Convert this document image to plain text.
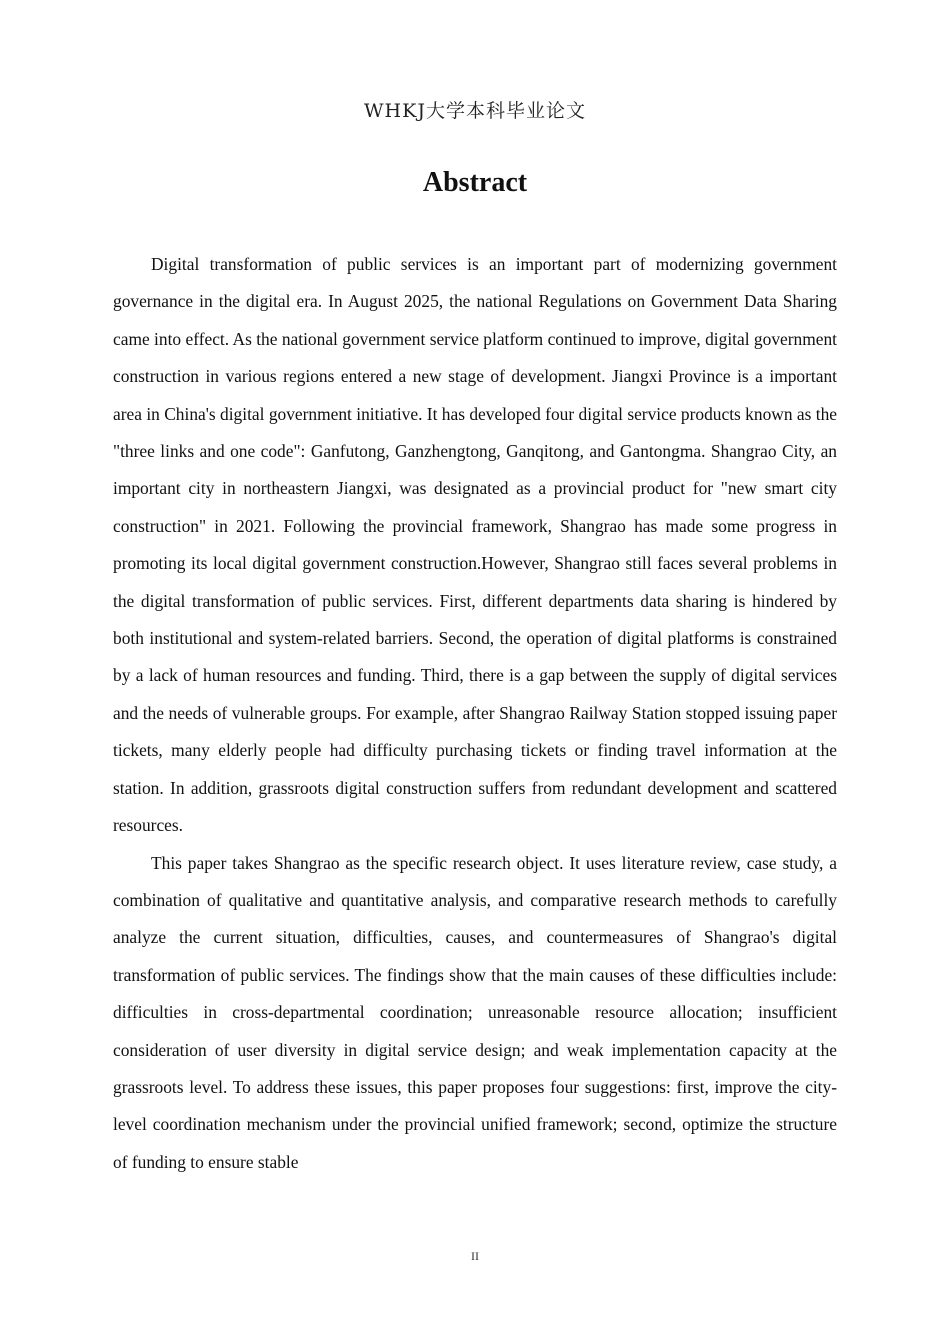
WHKJ大学本科毕业论文
Abstract

Digital transformation of public services is an important part of modernizing government governance in the digital era. In August 2025, the national Regulations on Government Data Sharing came into effect. As the national government service platform continued to improve, digital government construction in various regions entered a new stage of development. Jiangxi Province is a important area in China's digital government initiative. It has developed four digital service products known as the "three links and one code": Ganfutong, Ganzhengtong, Ganqitong, and Gantongma. Shangrao City, an important city in northeastern Jiangxi, was designated as a provincial product for "new smart city construction" in 2021. Following the provincial framework, Shangrao has made some progress in promoting its local digital government construction.However, Shangrao still faces several problems in the digital transformation of public services. First, different departments data sharing is hindered by both institutional and system-related barriers. Second, the operation of digital platforms is constrained by a lack of human resources and funding. Third, there is a gap between the supply of digital services and the needs of vulnerable groups. For example, after Shangrao Railway Station stopped issuing paper tickets, many elderly people had difficulty purchasing tickets or finding travel information at the station. In addition, grassroots digital construction suffers from redundant development and scattered resources.

This paper takes Shangrao as the specific research object. It uses literature review, case study, a combination of qualitative and quantitative analysis, and comparative research methods to carefully analyze the current situation, difficulties, causes, and countermeasures of Shangrao's digital transformation of public services. The findings show that the main causes of these difficulties include: difficulties in cross-departmental coordination; unreasonable resource allocation; insufficient consideration of user diversity in digital service design; and weak implementation capacity at the grassroots level. To address these issues, this paper proposes four suggestions: first, improve the city-level coordination mechanism under the provincial unified framework; second, optimize the structure of funding to ensure stable

II
